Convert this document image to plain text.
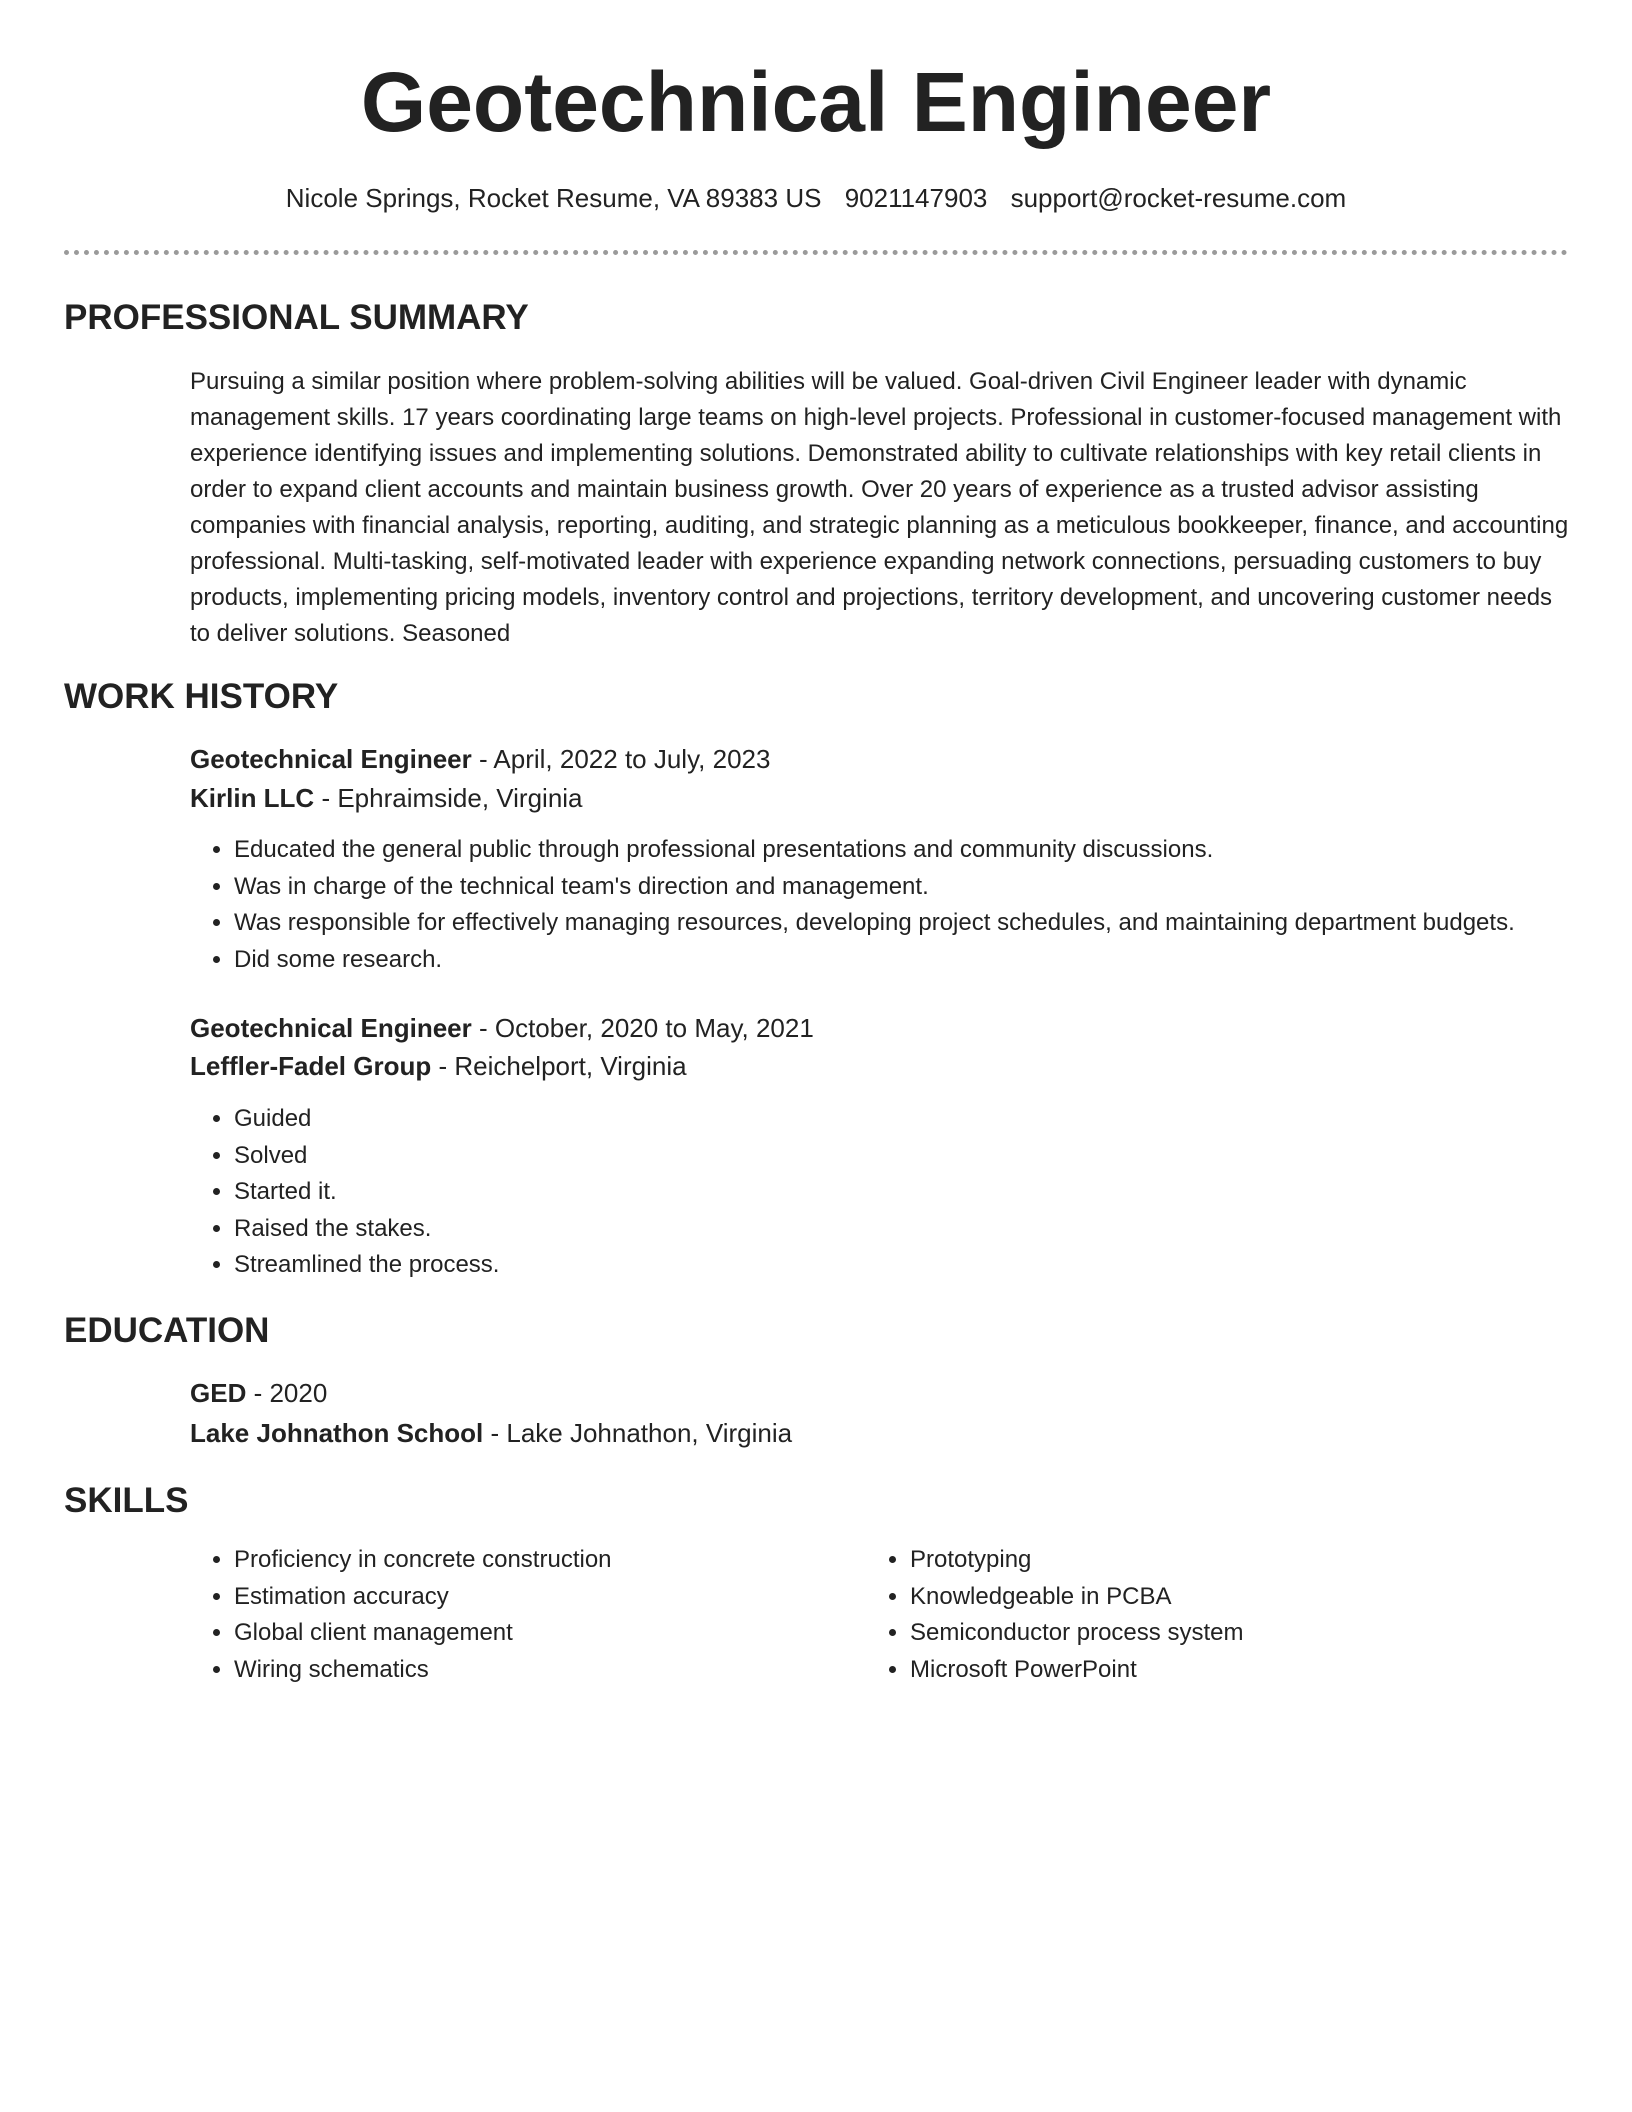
Geotechnical Engineer
Nicole Springs, Rocket Resume, VA 89383 US 9021147903 support@rocket-resume.com
PROFESSIONAL SUMMARY

Pursuing a similar position where problem-solving abilities will be valued. Goal-driven Civil Engineer leader with dynamic management skills. 17 years coordinating large teams on high-level projects. Professional in customer-focused management with experience identifying issues and implementing solutions. Demonstrated ability to cultivate relationships with key retail clients in order to expand client accounts and maintain business growth. Over 20 years of experience as a trusted advisor assisting companies with financial analysis, reporting, auditing, and strategic planning as a meticulous bookkeeper, finance, and accounting professional. Multi-tasking, self-motivated leader with experience expanding network connections, persuading customers to buy products, implementing pricing models, inventory control and projections, territory development, and uncovering customer needs to deliver solutions. Seasoned

WORK HISTORY
Geotechnical Engineer - April, 2022 to July, 2023
Kirlin LLC - Ephraimside, Virginia
• Educated the general public through professional presentations and community discussions.
• Was in charge of the technical team's direction and management.
• Was responsible for effectively managing resources, developing project schedules, and maintaining department budgets.
• Did some research.
Geotechnical Engineer - October, 2020 to May, 2021
Leffler-Fadel Group - Reichelport, Virginia
• Guided
• Solved
• Started it.
• Raised the stakes.
• Streamlined the process.
EDUCATION
GED - 2020
Lake Johnathon School - Lake Johnathon, Virginia
SKILLS
• Proficiency in concrete construction
• Estimation accuracy
• Global client management
• Wiring schematics
• Prototyping
• Knowledgeable in PCBA
• Semiconductor process system
• Microsoft PowerPoint
